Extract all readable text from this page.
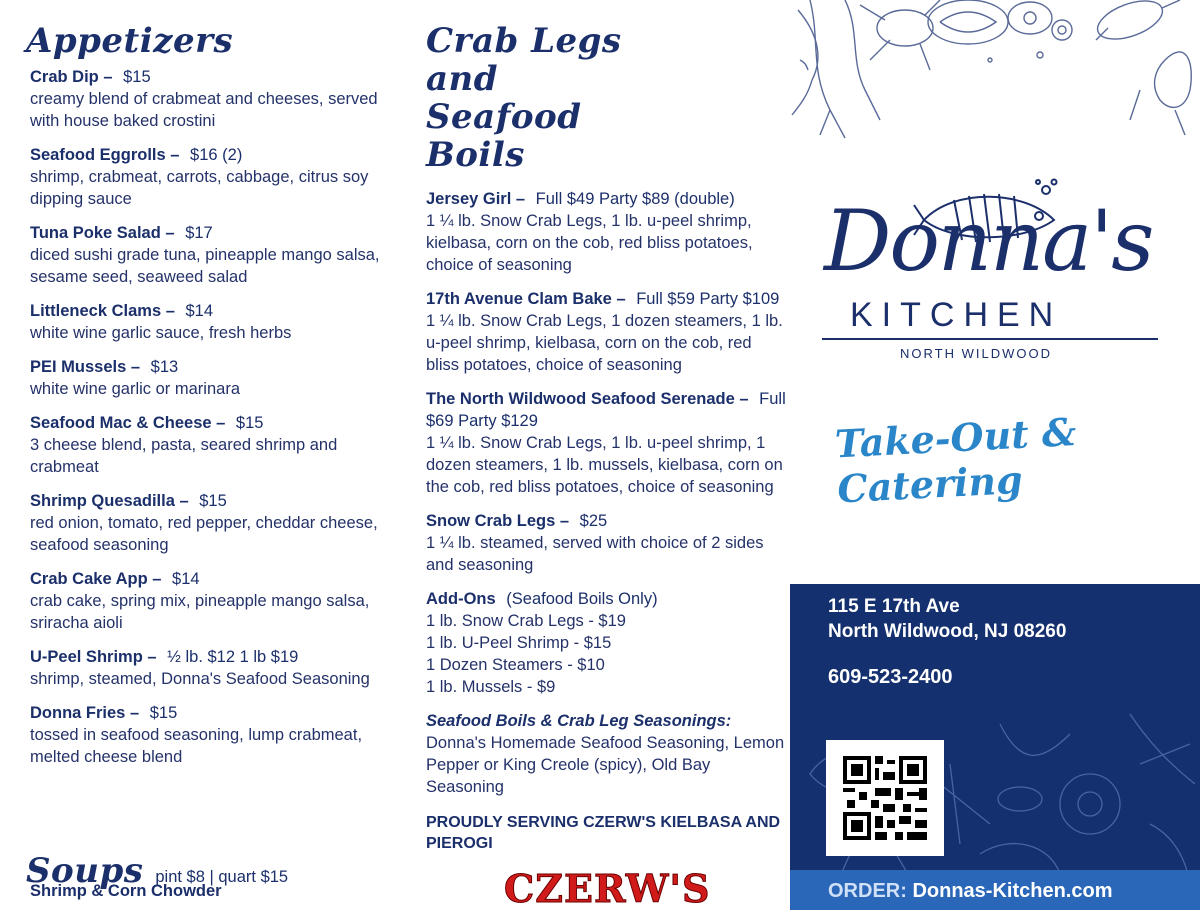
Appetizers
Crab Dip – $15
creamy blend of crabmeat and cheeses, served with house baked crostini
Seafood Eggrolls – $16 (2)
shrimp, crabmeat, carrots, cabbage, citrus soy dipping sauce
Tuna Poke Salad – $17
diced sushi grade tuna, pineapple mango salsa, sesame seed, seaweed salad
Littleneck Clams – $14
white wine garlic sauce, fresh herbs
PEI Mussels – $13
white wine garlic or marinara
Seafood Mac & Cheese – $15
3 cheese blend, pasta, seared shrimp and crabmeat
Shrimp Quesadilla – $15
red onion, tomato, red pepper, cheddar cheese, seafood seasoning
Crab Cake App – $14
crab cake, spring mix, pineapple mango salsa, sriracha aioli
U-Peel Shrimp – ½ lb. $12 1 lb $19
shrimp, steamed, Donna's Seafood Seasoning
Donna Fries – $15
tossed in seafood seasoning, lump crabmeat, melted cheese blend
Soups pint $8 | quart $15
Shrimp & Corn Chowder
Crab Legs and
Seafood Boils
Jersey Girl – Full $49 Party $89 (double)
1 ¼ lb. Snow Crab Legs, 1 lb. u-peel shrimp, kielbasa, corn on the cob, red bliss potatoes, choice of seasoning
17th Avenue Clam Bake – Full $59 Party $109
1 ¼ lb. Snow Crab Legs, 1 dozen steamers, 1 lb. u-peel shrimp, kielbasa, corn on the cob, red bliss potatoes, choice of seasoning
The North Wildwood Seafood Serenade – Full $69 Party $129
1 ¼ lb. Snow Crab Legs, 1 lb. u-peel shrimp, 1 dozen steamers, 1 lb. mussels, kielbasa, corn on the cob, red bliss potatoes, choice of seasoning
Snow Crab Legs – $25
1 ¼ lb. steamed, served with choice of 2 sides and seasoning
Add-Ons (Seafood Boils Only)
1 lb. Snow Crab Legs - $19
1 lb. U-Peel Shrimp - $15
1 Dozen Steamers - $10
1 lb. Mussels - $9
Seafood Boils & Crab Leg Seasonings:
Donna's Homemade Seafood Seasoning, Lemon Pepper or King Creole (spicy), Old Bay Seasoning
PROUDLY SERVING CZERW'S KIELBASA AND PIEROGI
CZERW'S
Donna's
KITCHEN
NORTH WILDWOOD
Take-Out & Catering
115 E 17th Ave
North Wildwood, NJ 08260
609-523-2400
ORDER: Donnas-Kitchen.com
